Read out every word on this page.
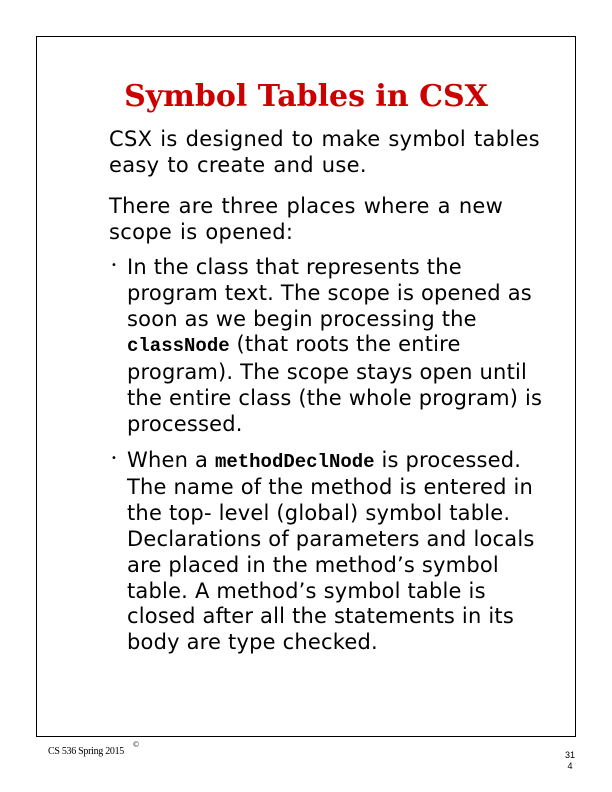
Symbol Tables in CSX

CSX is designed to make symbol tables easy to create and use.

There are three places where a new scope is opened:

• In the class that represents the program text. The scope is opened as soon as we begin processing the classNode (that roots the entire program). The scope stays open until the entire class (the whole program) is processed.
• When a methodDeclNode is processed. The name of the method is entered in the top- level (global) symbol table. Declarations of parameters and locals are placed in the method’s symbol table. A method’s symbol table is closed after all the statements in its body are type checked.
CS 536 Spring 2015
©
31
4
